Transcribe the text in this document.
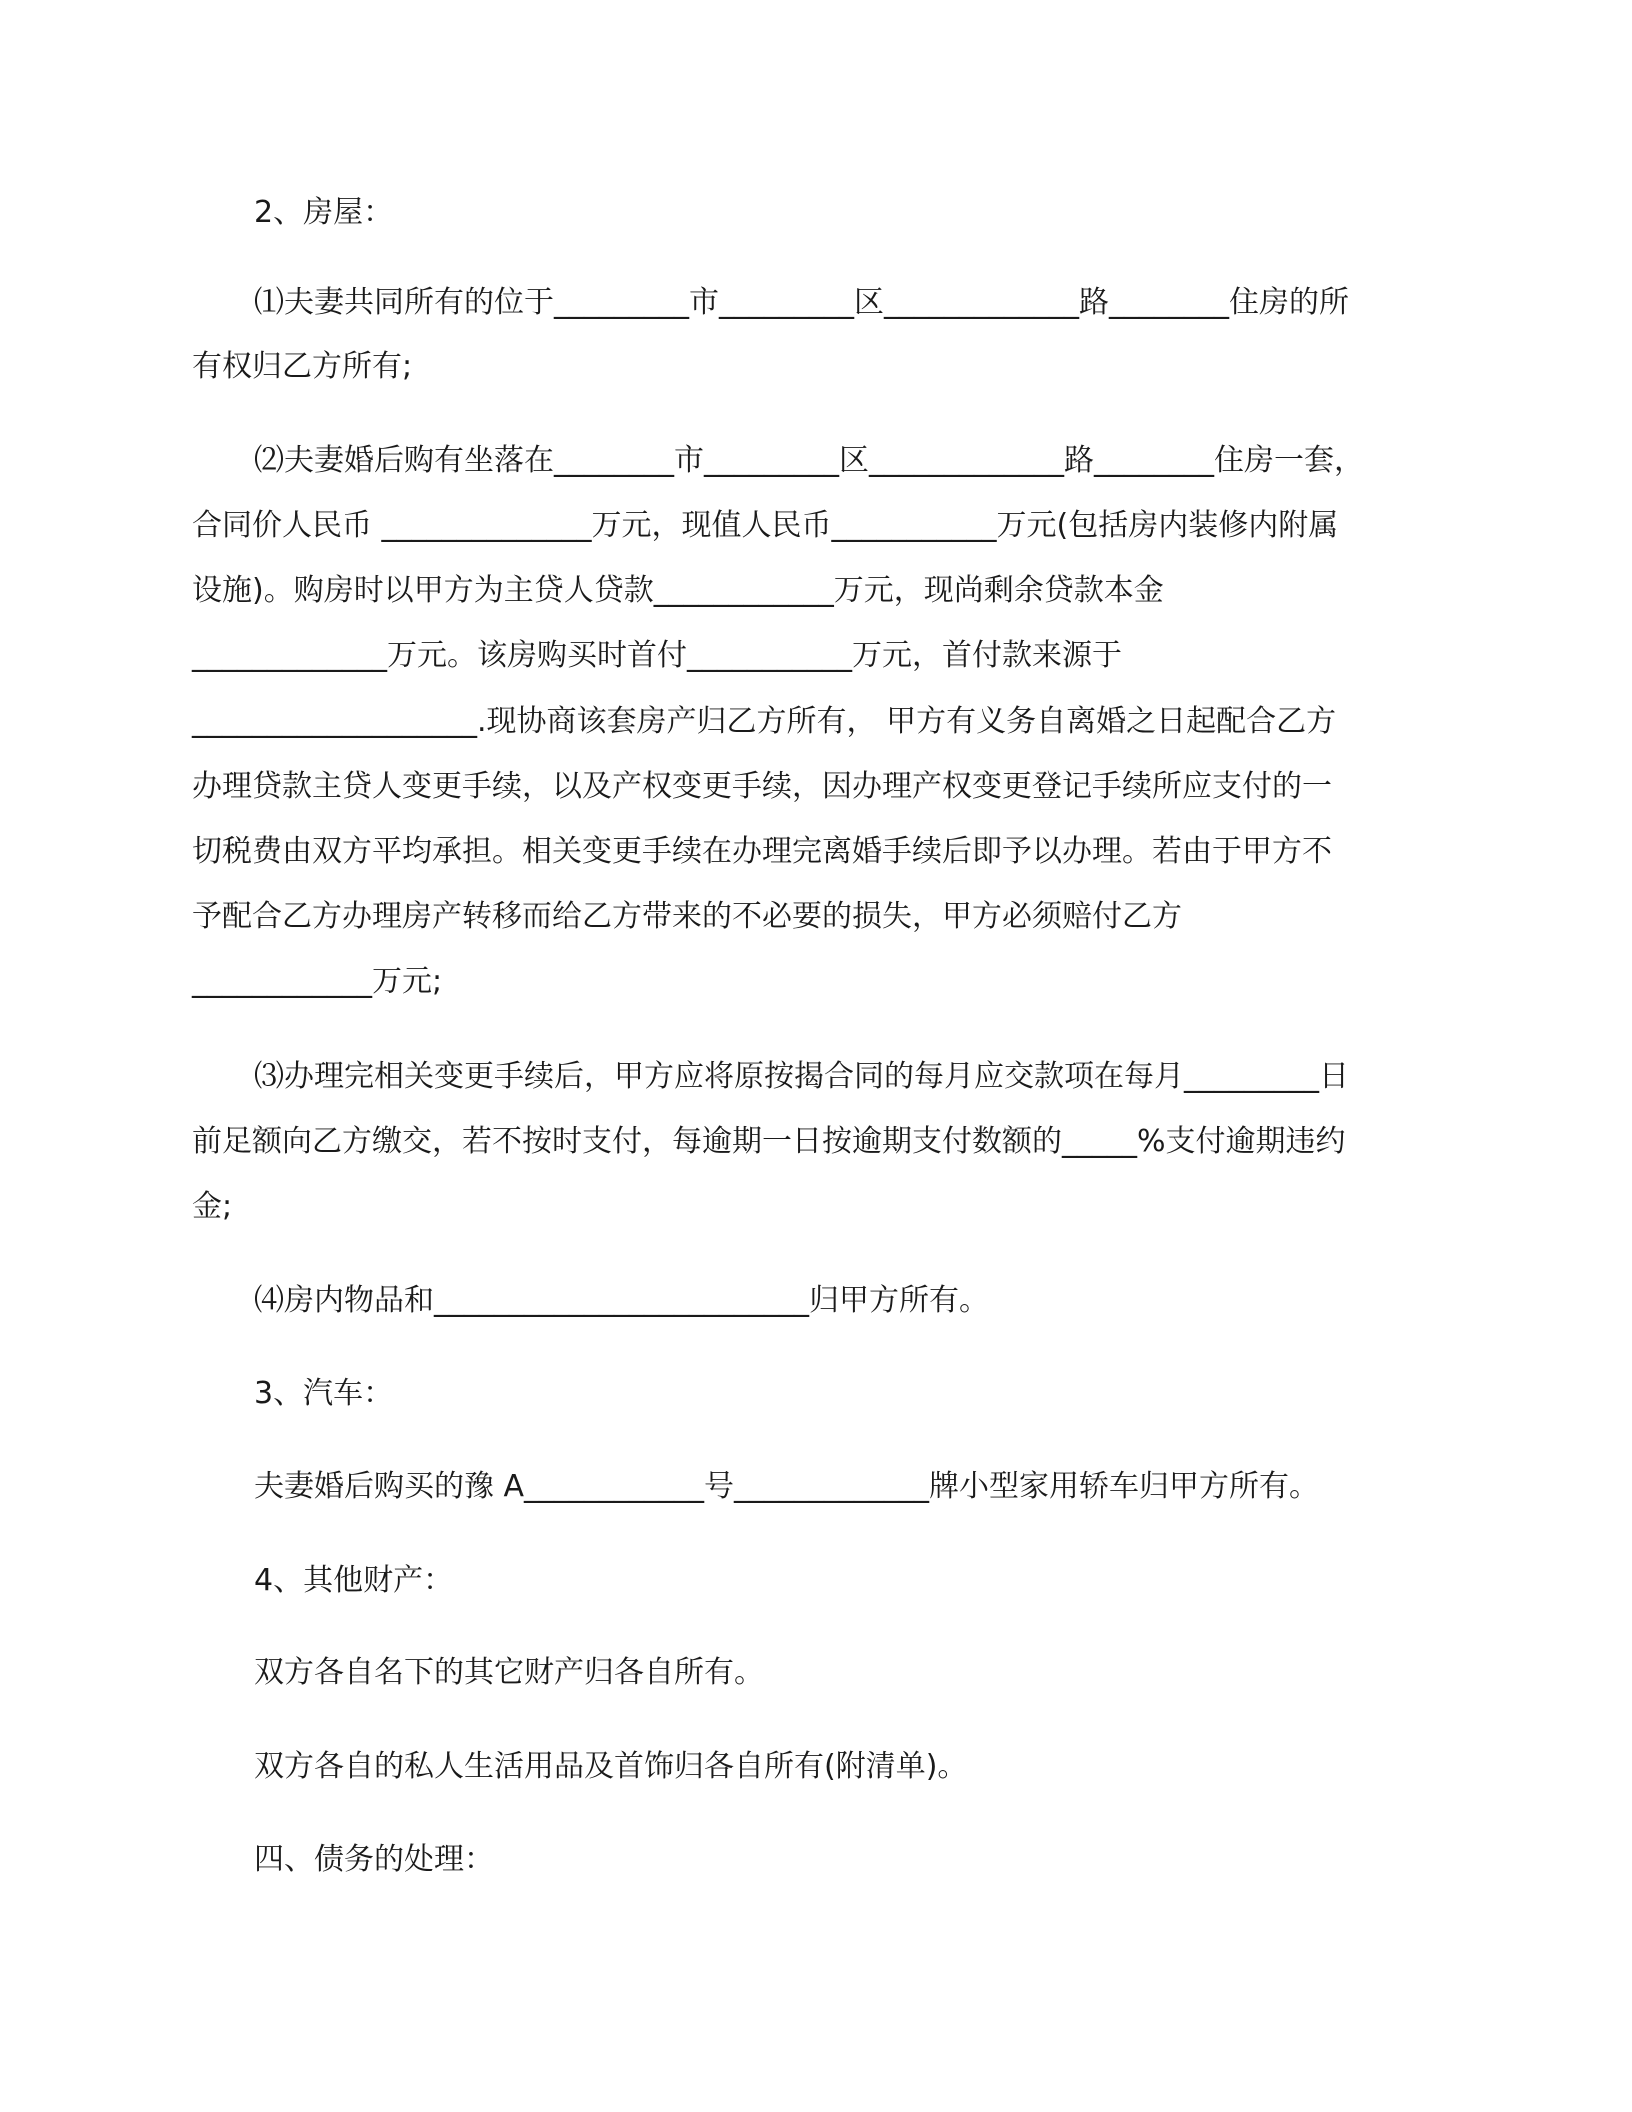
2、房屋：
⑴夫妻共同所有的位于_________市_________区_____________路________住房的所
有权归乙方所有;
⑵夫妻婚后购有坐落在________市_________区_____________路________住房一套，
合同价人民币 ______________万元，现值人民币___________万元(包括房内装修内附属
设施)。购房时以甲方为主贷人贷款____________万元，现尚剩余贷款本金
_____________万元。该房购买时首付___________万元，首付款来源于
___________________.现协商该套房产归乙方所有， 甲方有义务自离婚之日起配合乙方
办理贷款主贷人变更手续，以及产权变更手续，因办理产权变更登记手续所应支付的一
切税费由双方平均承担。相关变更手续在办理完离婚手续后即予以办理。若由于甲方不
予配合乙方办理房产转移而给乙方带来的不必要的损失，甲方必须赔付乙方
____________万元;
⑶办理完相关变更手续后，甲方应将原按揭合同的每月应交款项在每月_________日
前足额向乙方缴交，若不按时支付，每逾期一日按逾期支付数额的_____%支付逾期违约
金;
⑷房内物品和_________________________归甲方所有。
3、汽车：
夫妻婚后购买的豫 A____________号_____________牌小型家用轿车归甲方所有。
4、其他财产：
双方各自名下的其它财产归各自所有。
双方各自的私人生活用品及首饰归各自所有(附清单)。
四、债务的处理：
